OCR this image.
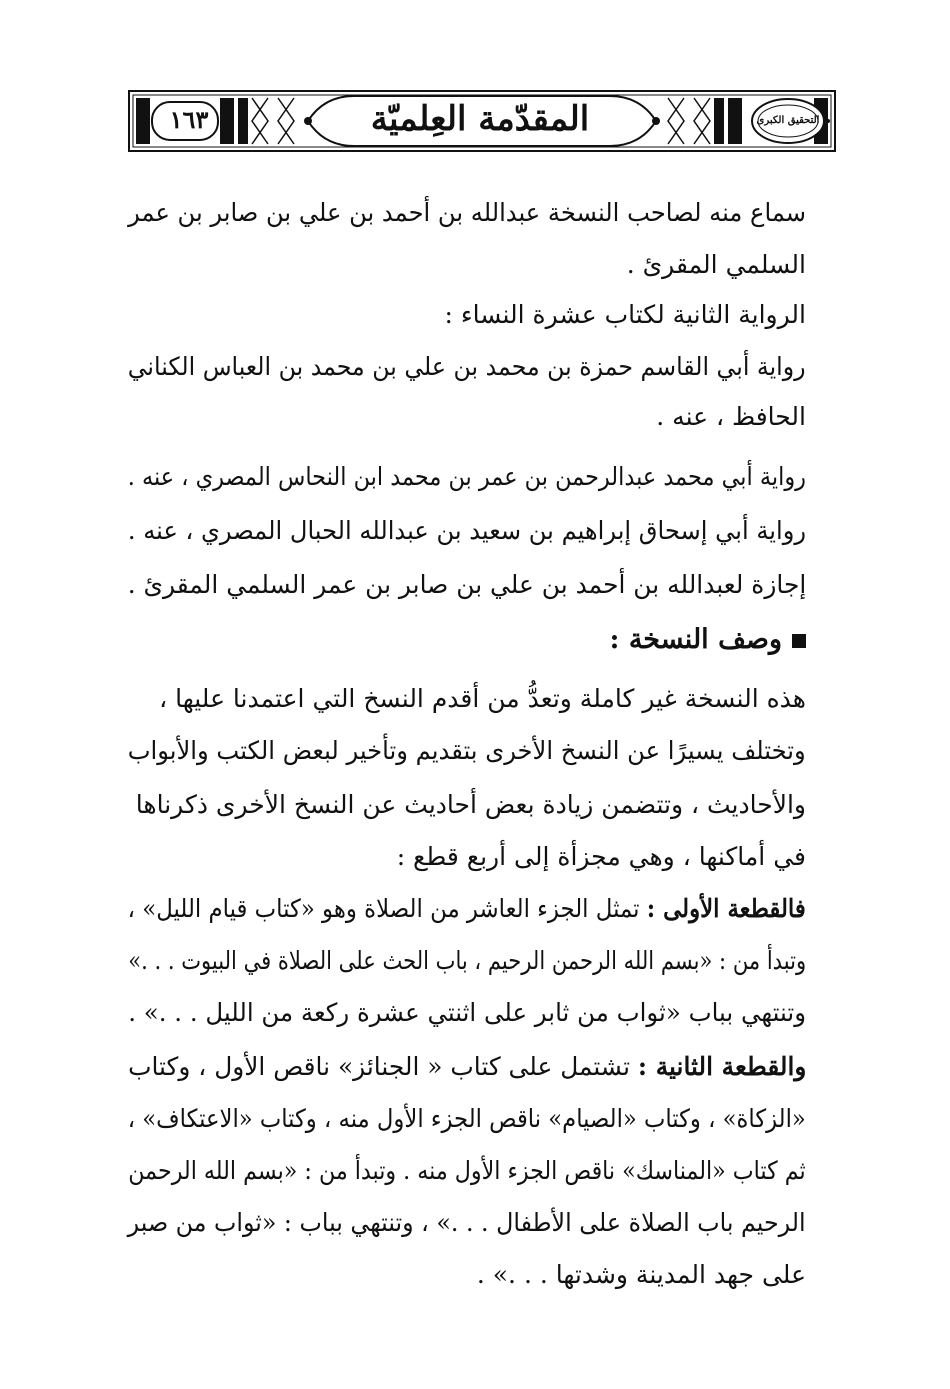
١٦٣	المقدّمة العِلميّة	التحقيق الكبرى
سماع منه لصاحب النسخة عبدالله بن أحمد بن علي بن صابر بن عمر
السلمي المقرئ .
الرواية الثانية لكتاب عشرة النساء :
رواية أبي القاسم حمزة بن محمد بن علي بن محمد بن العباس الكناني
الحافظ ، عنه .
رواية أبي محمد عبدالرحمن بن عمر بن محمد ابن النحاس المصري ، عنه .
رواية أبي إسحاق إبراهيم بن سعيد بن عبدالله الحبال المصري ، عنه .
إجازة لعبدالله بن أحمد بن علي بن صابر بن عمر السلمي المقرئ .
وصف النسخة :
هذه النسخة غير كاملة وتعدُّ من أقدم النسخ التي اعتمدنا عليها ،
وتختلف يسيرًا عن النسخ الأخرى بتقديم وتأخير لبعض الكتب والأبواب
والأحاديث ، وتتضمن زيادة بعض أحاديث عن النسخ الأخرى ذكرناها
في أماكنها ، وهي مجزأة إلى أربع قطع :
فالقطعة الأولى : تمثل الجزء العاشر من الصلاة وهو «كتاب قيام الليل» ،
وتبدأ من : «بسم الله الرحمن الرحيم ، باب الحث على الصلاة في البيوت . . .»
وتنتهي بباب «ثواب من ثابر على اثنتي عشرة ركعة من الليل . . .» .
والقطعة الثانية : تشتمل على كتاب « الجنائز» ناقص الأول ، وكتاب
«الزكاة» ، وكتاب «الصيام» ناقص الجزء الأول منه ، وكتاب «الاعتكاف» ،
ثم كتاب «المناسك» ناقص الجزء الأول منه . وتبدأ من : «بسم الله الرحمن
الرحيم باب الصلاة على الأطفال . . .» ، وتنتهي بباب : «ثواب من صبر
على جهد المدينة وشدتها . . .» .
